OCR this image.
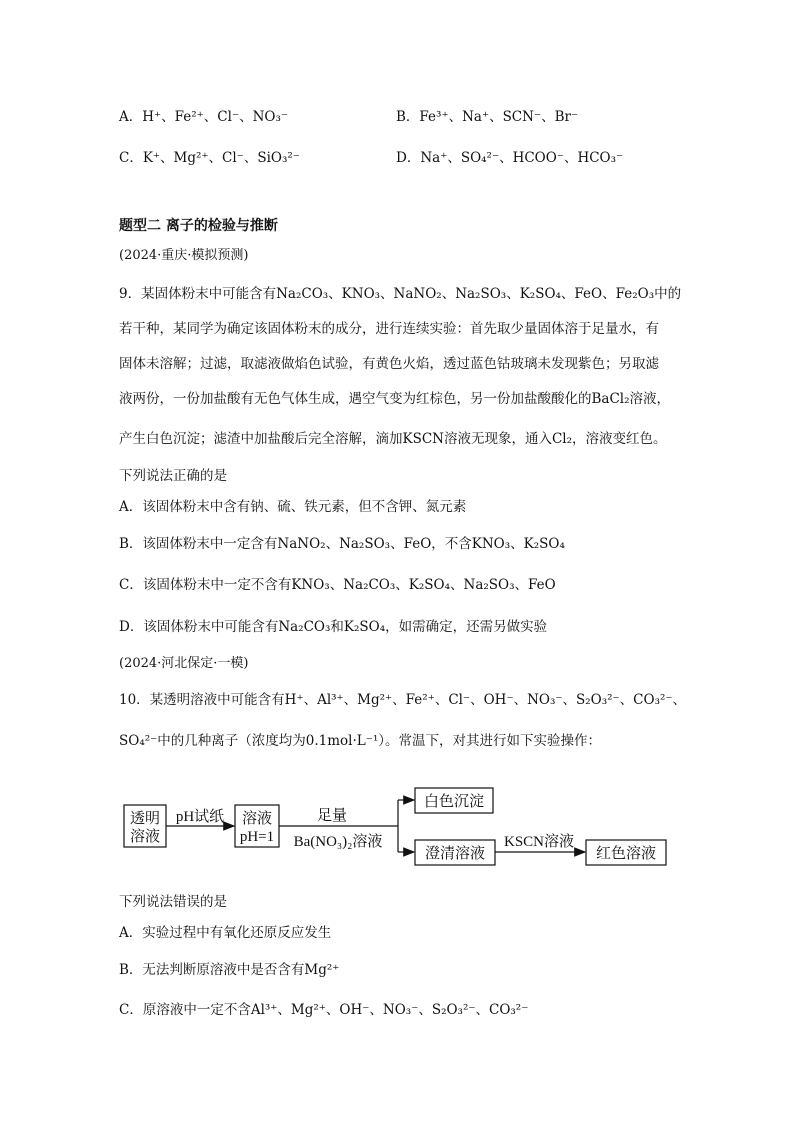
A．H⁺、Fe²⁺、Cl⁻、NO₃⁻	B．Fe³⁺、Na⁺、SCN⁻、Br⁻
C．K⁺、Mg²⁺、Cl⁻、SiO₃²⁻	D．Na⁺、SO₄²⁻、HCOO⁻、HCO₃⁻
题型二 离子的检验与推断
(2024·重庆·模拟预测)
9．某固体粉末中可能含有Na₂CO₃、KNO₃、NaNO₂、Na₂SO₃、K₂SO₄、FeO、Fe₂O₃中的
若干种，某同学为确定该固体粉末的成分，进行连续实验：首先取少量固体溶于足量水，有
固体未溶解；过滤，取滤液做焰色试验，有黄色火焰，透过蓝色钴玻璃未发现紫色；另取滤
液两份，一份加盐酸有无色气体生成，遇空气变为红棕色，另一份加盐酸酸化的BaCl₂溶液，
产生白色沉淀；滤渣中加盐酸后完全溶解，滴加KSCN溶液无现象，通入Cl₂，溶液变红色。
下列说法正确的是
A．该固体粉末中含有钠、硫、铁元素，但不含钾、氮元素
B．该固体粉末中一定含有NaNO₂、Na₂SO₃、FeO，不含KNO₃、K₂SO₄
C．该固体粉末中一定不含有KNO₃、Na₂CO₃、K₂SO₄、Na₂SO₃、FeO
D．该固体粉末中可能含有Na₂CO₃和K₂SO₄，如需确定，还需另做实验
(2024·河北保定·一模)
10．某透明溶液中可能含有H⁺、Al³⁺、Mg²⁺、Fe²⁺、Cl⁻、OH⁻、NO₃⁻、S₂O₃²⁻、CO₃²⁻、
SO₄²⁻中的几种离子（浓度均为0.1mol·L⁻¹）。常温下，对其进行如下实验操作：
透明
溶液
pH试纸 溶液
pH=1
足量
Ba(NO₃)₂溶液
白色沉淀
澄清溶液
KSCN溶液
红色溶液
下列说法错误的是
A．实验过程中有氧化还原反应发生
B．无法判断原溶液中是否含有Mg²⁺
C．原溶液中一定不含Al³⁺、Mg²⁺、OH⁻、NO₃⁻、S₂O₃²⁻、CO₃²⁻
